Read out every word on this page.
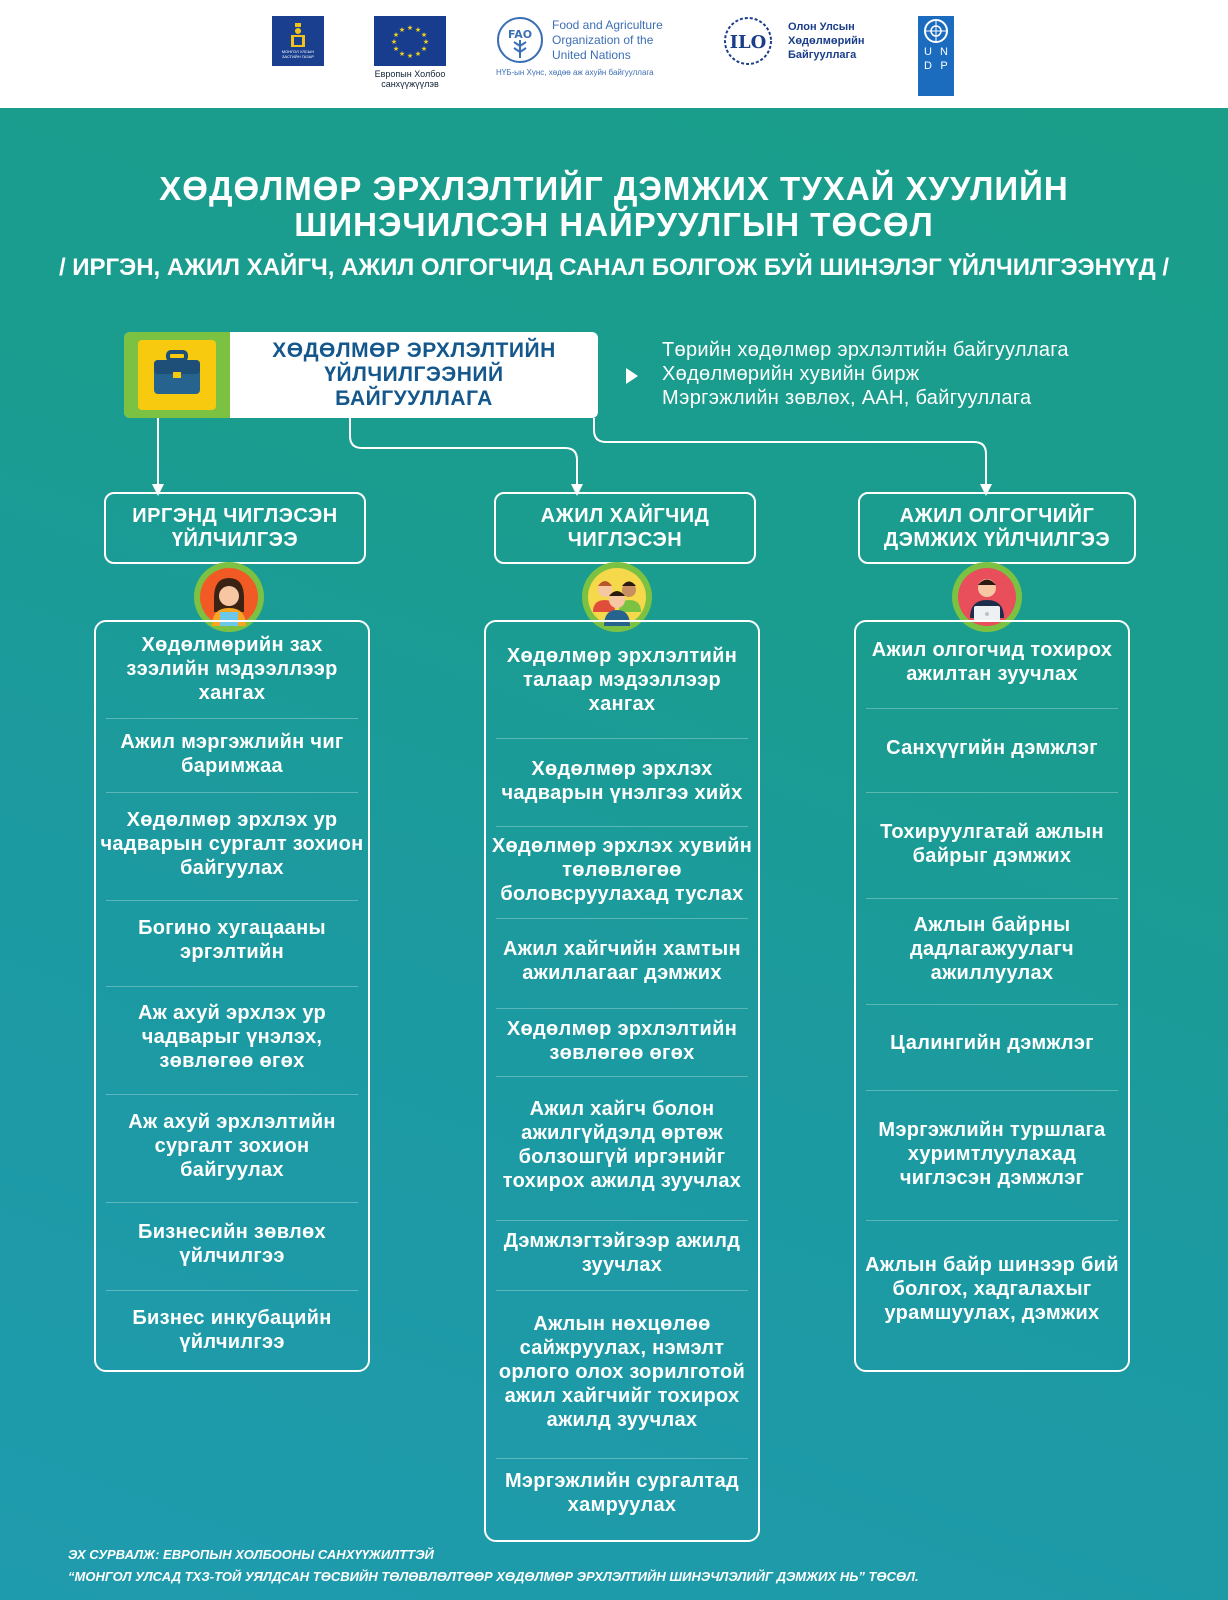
МОНГОЛ УЛСЫН ЗАСГИЙН ГАЗАР
★ ★
★
★
★
★
★
★
★
★
★
★
Европын Холбоо
санхүүжүүлэв
FAO
Food and Agriculture
Organization of the
United Nations
НҮБ-ын Хүнс, хөдөө аж ахуйн байгууллага
ILO
Олон Улсын
Хөдөлмөрийн
Байгууллага	U N
D P
ХӨДӨЛМӨР ЭРХЛЭЛТИЙГ ДЭМЖИХ ТУХАЙ ХУУЛИЙН
ШИНЭЧИЛСЭН НАЙРУУЛГЫН ТӨСӨЛ
/ ИРГЭН, АЖИЛ ХАЙГЧ, АЖИЛ ОЛГОГЧИД САНАЛ БОЛГОЖ БУЙ ШИНЭЛЭГ ҮЙЛЧИЛГЭЭНҮҮД /
ХӨДӨЛМӨР ЭРХЛЭЛТИЙН
ҮЙЛЧИЛГЭЭНИЙ
БАЙГУУЛЛАГА
Төрийн хөдөлмөр эрхлэлтийн байгууллага
Хөдөлмөрийн хувийн бирж
Мэргэжлийн зөвлөх, ААН, байгууллага
ИРГЭНД ЧИГЛЭСЭН
ҮЙЛЧИЛГЭЭ
АЖИЛ ХАЙГЧИД
ЧИГЛЭСЭН
АЖИЛ ОЛГОГЧИЙГ
ДЭМЖИХ ҮЙЛЧИЛГЭЭ
Хөдөлмөрийн зах зээлийн мэдээллээр хангах
Ажил мэргэжлийн чиг баримжаа
Хөдөлмөр эрхлэх ур чадварын сургалт зохион байгуулах
Богино хугацааны эргэлтийн
Аж ахуй эрхлэх ур чадварыг үнэлэх, зөвлөгөө өгөх
Аж ахуй эрхлэлтийн сургалт зохион байгуулах
Бизнесийн зөвлөх үйлчилгээ
Бизнес инкубацийн үйлчилгээ
Хөдөлмөр эрхлэлтийн талаар мэдээллээр хангах
Хөдөлмөр эрхлэх чадварын үнэлгээ хийх
Хөдөлмөр эрхлэх хувийн төлөвлөгөө боловсруулахад туслах
Ажил хайгчийн хамтын ажиллагааг дэмжих
Хөдөлмөр эрхлэлтийн зөвлөгөө өгөх
Ажил хайгч болон ажилгүйдэлд өртөж болзошгүй иргэнийг тохирох ажилд зуучлах
Дэмжлэгтэйгээр ажилд зуучлах
Ажлын нөхцөлөө сайжруулах, нэмэлт орлого олох зорилготой ажил хайгчийг тохирох ажилд зуучлах
Мэргэжлийн сургалтад хамруулах
Ажил олгогчид тохирох ажилтан зуучлах
Санхүүгийн дэмжлэг
Тохируулгатай ажлын байрыг дэмжих
Ажлын байрны дадлагажуулагч ажиллуулах
Цалингийн дэмжлэг
Мэргэжлийн туршлага хуримтлуулахад чиглэсэн дэмжлэг
Ажлын байр шинээр бий болгох, хадгалахыг урамшуулах, дэмжих
ЭХ СУРВАЛЖ: ЕВРОПЫН ХОЛБООНЫ САНХҮҮЖИЛТТЭЙ
“МОНГОЛ УЛСАД ТХЗ-ТОЙ УЯЛДСАН ТӨСВИЙН ТӨЛӨВЛӨЛТӨӨР ХӨДӨЛМӨР ЭРХЛЭЛТИЙН ШИНЭЧЛЭЛИЙГ ДЭМЖИХ НЬ” ТӨСӨЛ.
